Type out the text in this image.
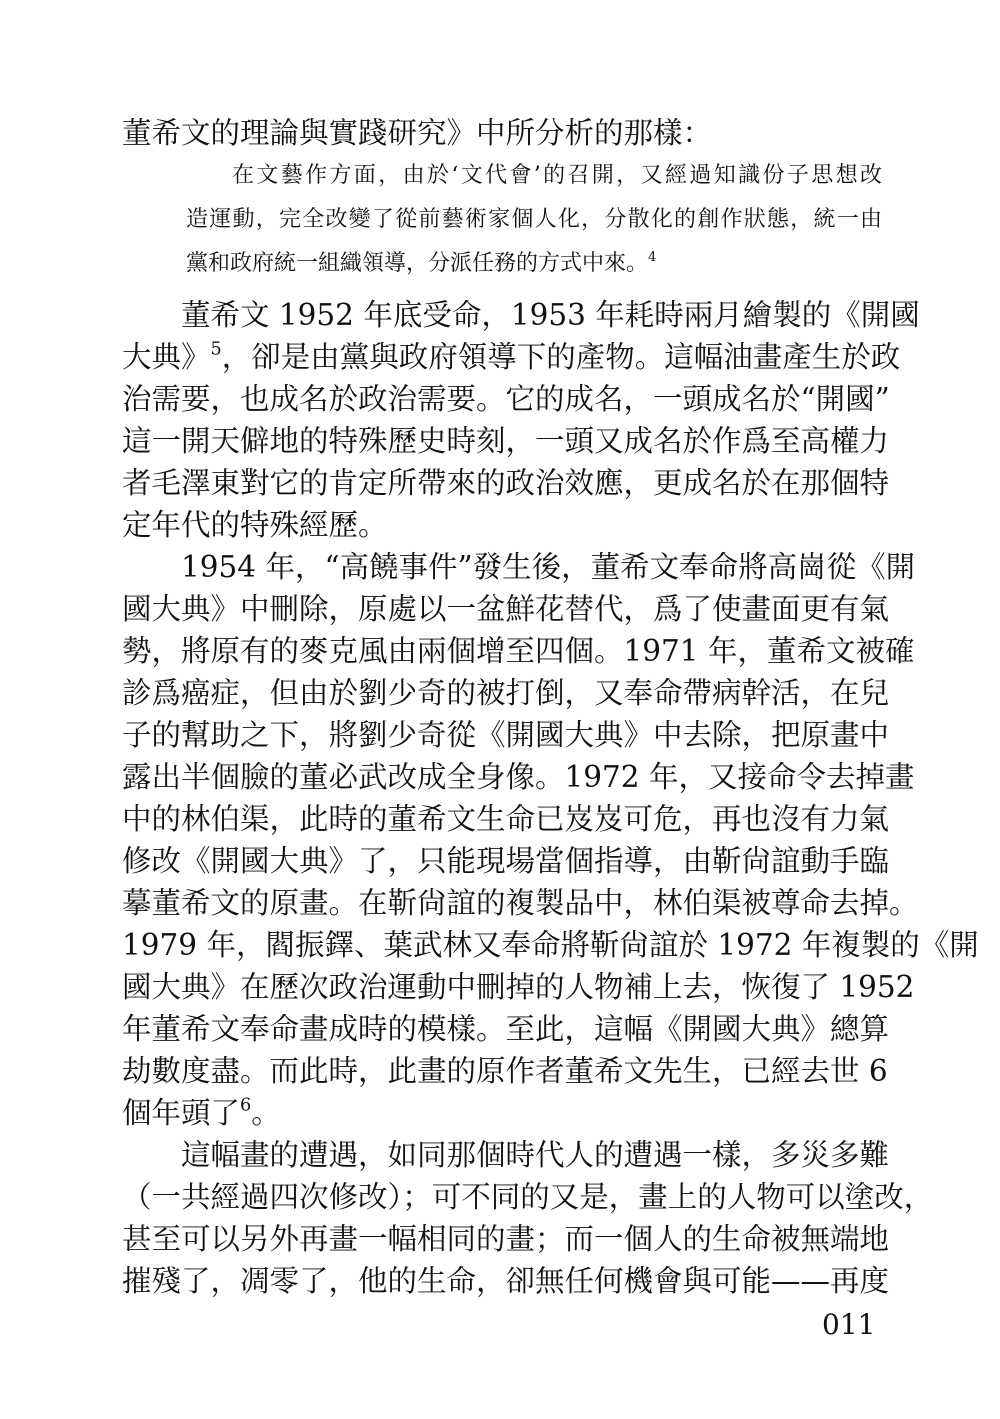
董希文的理論與實踐研究》中所分析的那樣：
在文藝作方面，由於‘文代會’的召開，又經過知識份子思想改
造運動，完全改變了從前藝術家個人化，分散化的創作狀態，統一由
黨和政府統一組織領導，分派任務的方式中來。$^4$
　　董希文 1952 年底受命，1953 年耗時兩月繪製的《開國
大典》$^5$，卻是由黨與政府領導下的產物。這幅油畫產生於政
治需要，也成名於政治需要。它的成名，一頭成名於“開國”
這一開天僻地的特殊歷史時刻，一頭又成名於作爲至高權力
者毛澤東對它的肯定所帶來的政治效應，更成名於在那個特
定年代的特殊經歷。
　　1954 年，“高饒事件”發生後，董希文奉命將高崗從《開
國大典》中刪除，原處以一盆鮮花替代，爲了使畫面更有氣
勢，將原有的麥克風由兩個增至四個。1971 年，董希文被確
診爲癌症，但由於劉少奇的被打倒，又奉命帶病幹活，在兒
子的幫助之下，將劉少奇從《開國大典》中去除，把原畫中
露出半個臉的董必武改成全身像。1972 年，又接命令去掉畫
中的林伯渠，此時的董希文生命已岌岌可危，再也沒有力氣
修改《開國大典》了，只能現場當個指導，由靳尙誼動手臨
摹董希文的原畫。在靳尙誼的複製品中，林伯渠被尊命去掉。
1979 年，閻振鐸、葉武林又奉命將靳尙誼於 1972 年複製的《開
國大典》在歷次政治運動中刪掉的人物補上去，恢復了 1952
年董希文奉命畫成時的模樣。至此，這幅《開國大典》總算
劫數度盡。而此時，此畫的原作者董希文先生，已經去世 6
個年頭了$^6$。
　　這幅畫的遭遇，如同那個時代人的遭遇一樣，多災多難
（一共經過四次修改）；可不同的又是，畫上的人物可以塗改，
甚至可以另外再畫一幅相同的畫；而一個人的生命被無端地
摧殘了，凋零了，他的生命，卻無任何機會與可能——再度
011
